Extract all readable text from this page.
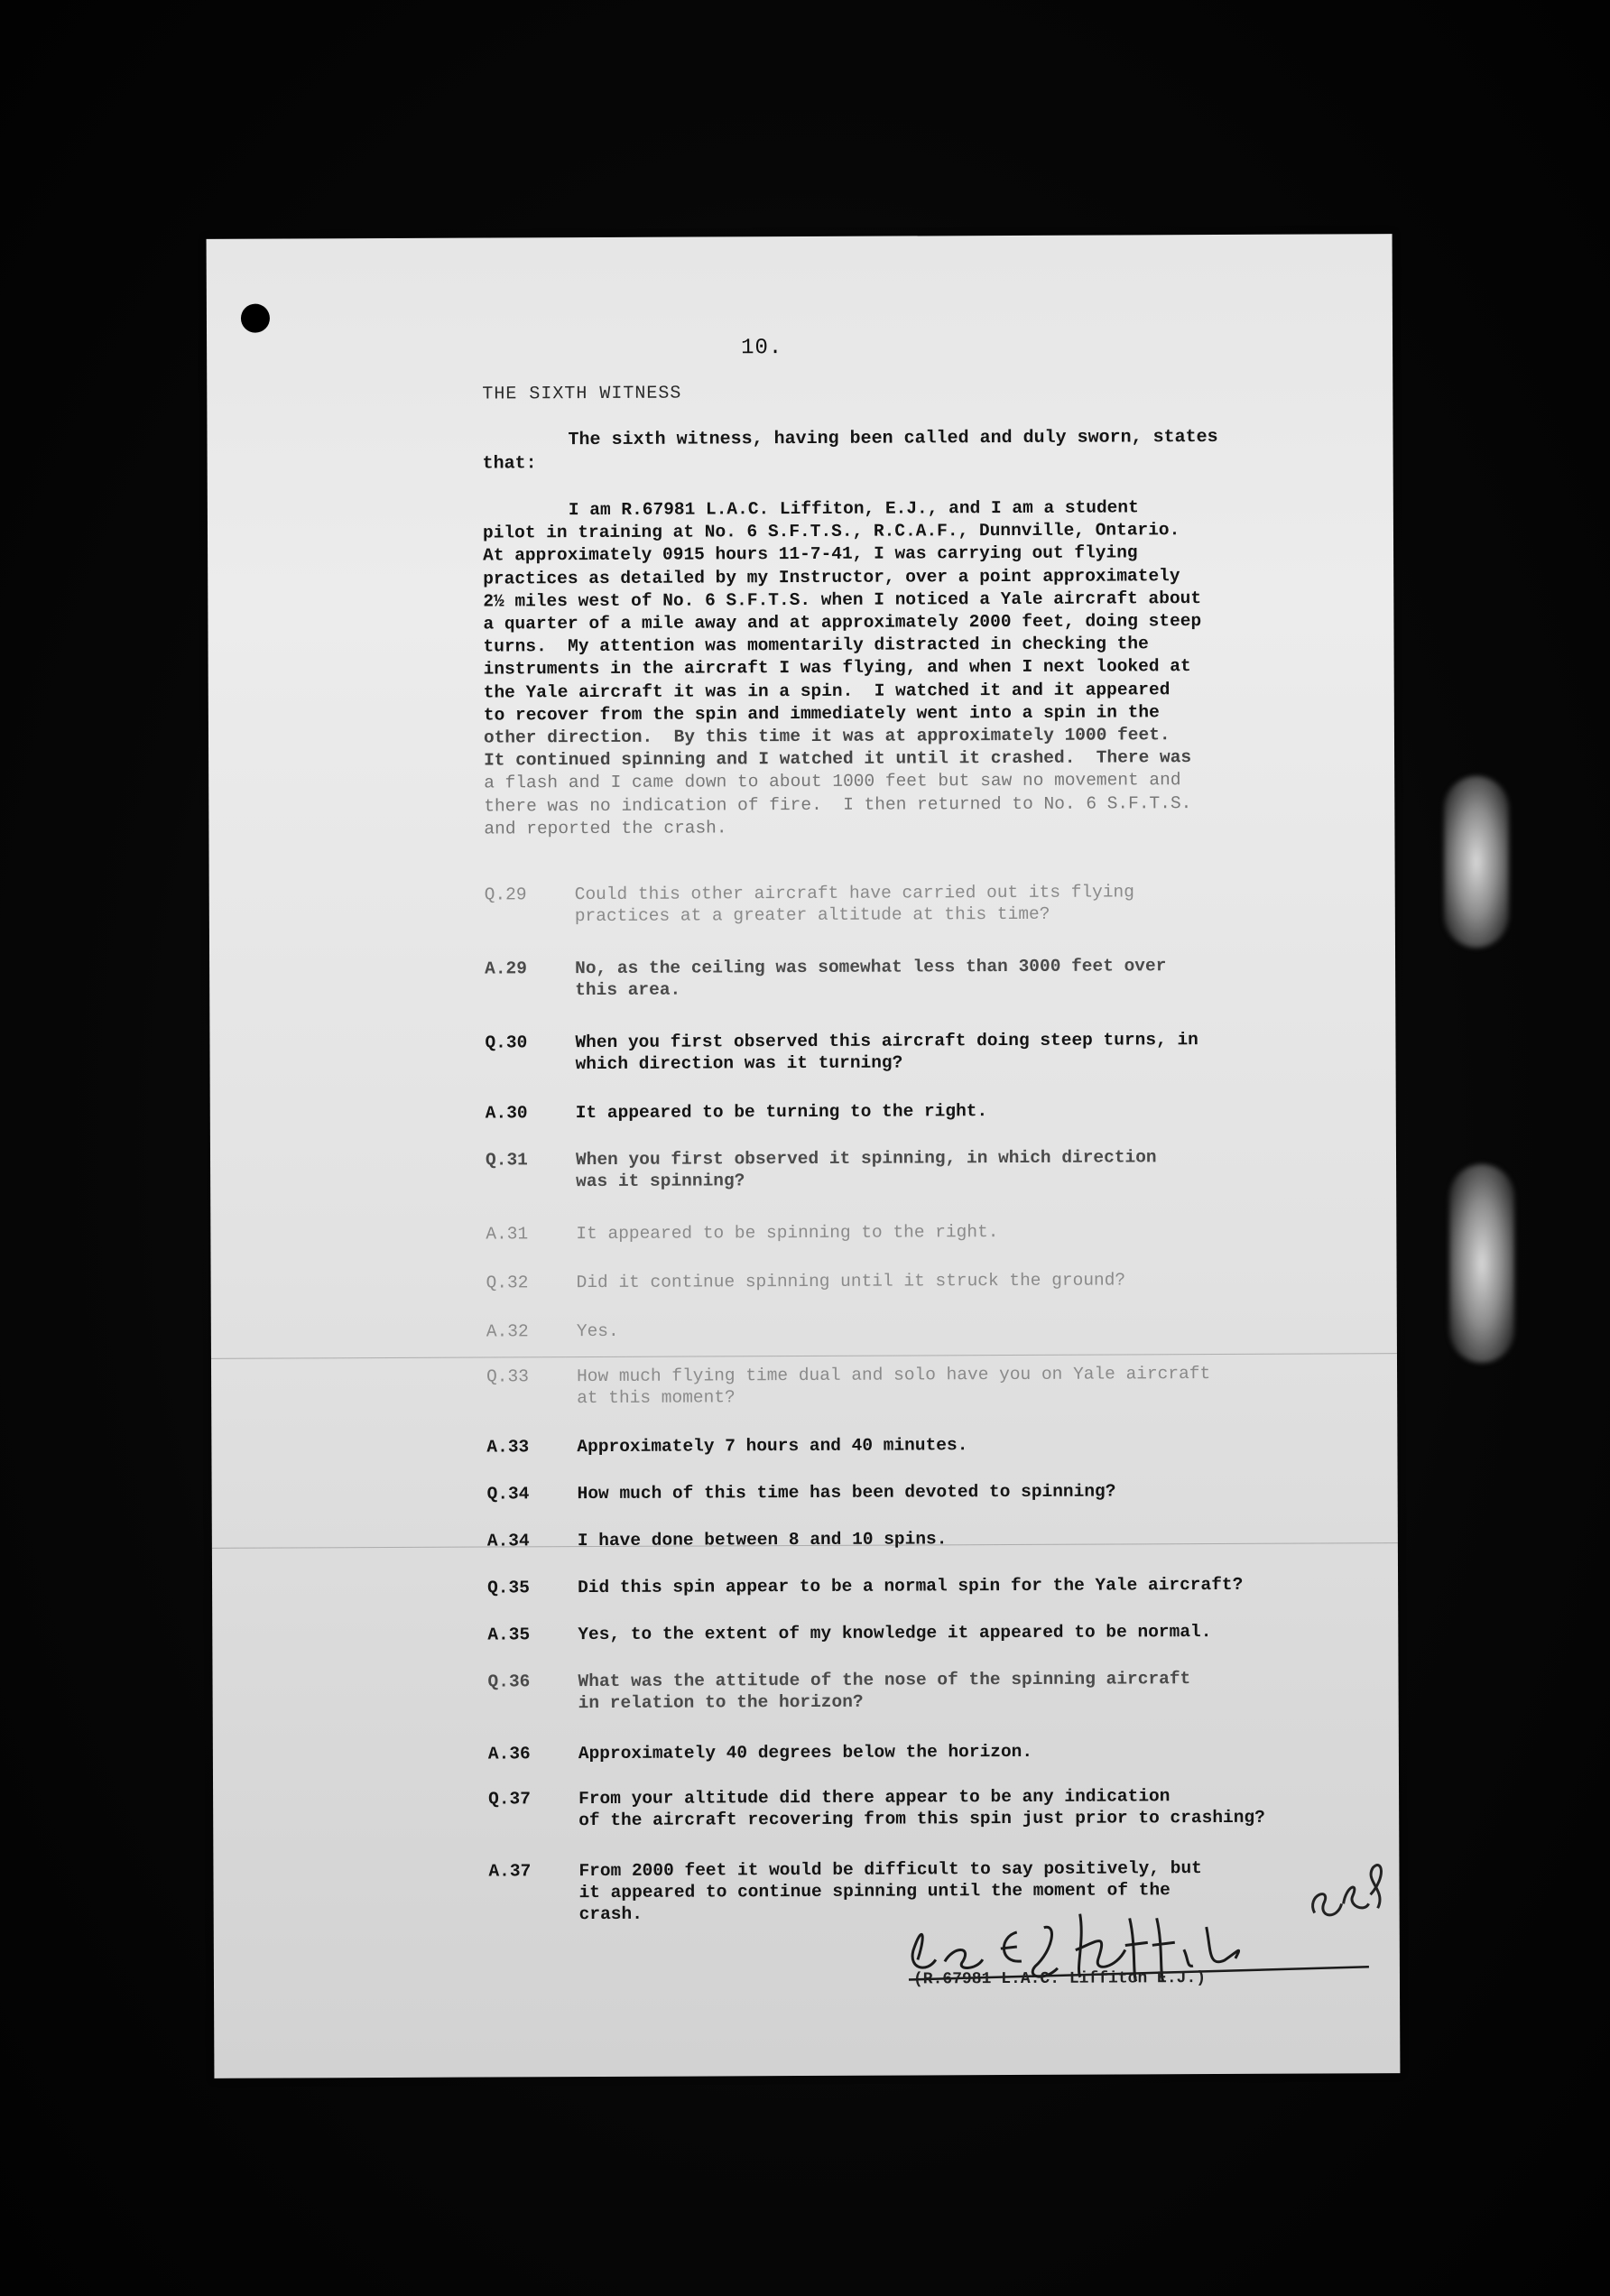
10.
THE SIXTH WITNESS
The sixth witness, having been called and duly sworn, states that:
I am R.67981 L.A.C. Liffiton, E.J., and I am a student
pilot in training at No. 6 S.F.T.S., R.C.A.F., Dunnville, Ontario.
At approximately 0915 hours 11-7-41, I was carrying out flying
practices as detailed by my Instructor, over a point approximately
2½ miles west of No. 6 S.F.T.S. when I noticed a Yale aircraft about
a quarter of a mile away and at approximately 2000 feet, doing steep
turns.  My attention was momentarily distracted in checking the
instruments in the aircraft I was flying, and when I next looked at
the Yale aircraft it was in a spin.  I watched it and it appeared
to recover from the spin and immediately went into a spin in the
other direction.  By this time it was at approximately 1000 feet.
It continued spinning and I watched it until it crashed.  There was
a flash and I came down to about 1000 feet but saw no movement and
there was no indication of fire.  I then returned to No. 6 S.F.T.S.
and reported the crash.
Q.29	Could this other aircraft have carried out its flying
practices at a greater altitude at this time?
A.29	No, as the ceiling was somewhat less than 3000 feet over
this area.
Q.30	When you first observed this aircraft doing steep turns, in
which direction was it turning?
A.30	It appeared to be turning to the right.
Q.31	When you first observed it spinning, in which direction
was it spinning?
A.31	It appeared to be spinning to the right.
Q.32	Did it continue spinning until it struck the ground?
A.32	Yes.
Q.33	How much flying time dual and solo have you on Yale aircraft
at this moment?
A.33	Approximately 7 hours and 40 minutes.
Q.34	How much of this time has been devoted to spinning?
A.34	I have done between 8 and 10 spins.
Q.35	Did this spin appear to be a normal spin for the Yale aircraft?
A.35	Yes, to the extent of my knowledge it appeared to be normal.
Q.36	What was the attitude of the nose of the spinning aircraft
in relation to the horizon?
A.36	Approximately 40 degrees below the horizon.
Q.37	From your altitude did there appear to be any indication
of the aircraft recovering from this spin just prior to crashing?
A.37	From 2000 feet it would be difficult to say positively, but
it appeared to continue spinning until the moment of the
crash.
(R.67981 L.A.C. Liffiton E.J.)
